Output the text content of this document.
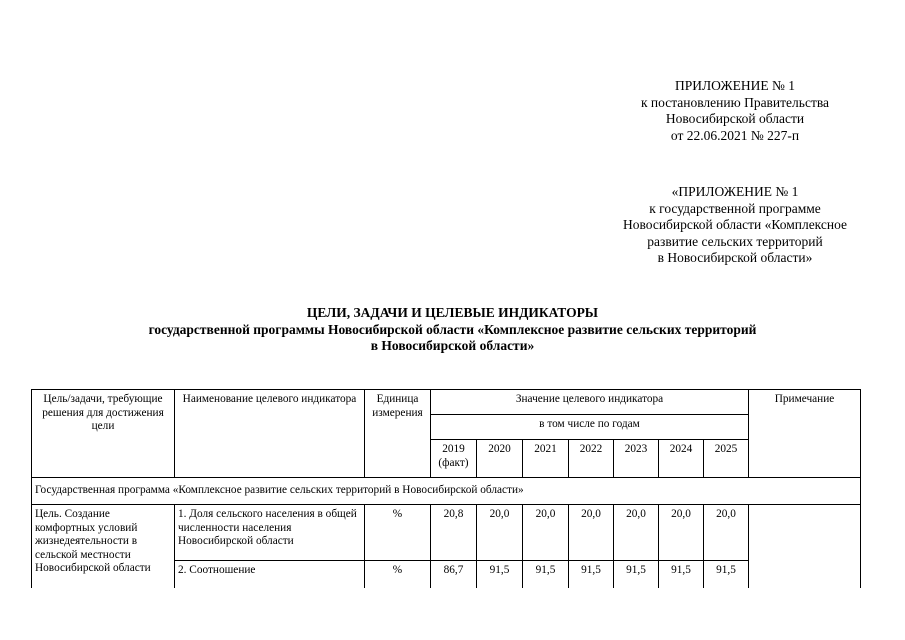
ПРИЛОЖЕНИЕ № 1
к постановлению Правительства
Новосибирской области
от 22.06.2021 № 227-п
«ПРИЛОЖЕНИЕ № 1
к государственной программе
Новосибирской области «Комплексное
развитие сельских территорий
в Новосибирской области»
ЦЕЛИ, ЗАДАЧИ И ЦЕЛЕВЫЕ ИНДИКАТОРЫ
государственной программы Новосибирской области «Комплексное развитие сельских территорий
в Новосибирской области»
Цель/задачи, требующие решения для достижения цели	Наименование целевого индикатора	Единица измерения	Значение целевого индикатора							Примечание
			в том числе по годам							
			2019 (факт)	2020	2021	2022	2023	2024	2025	
Государственная программа «Комплексное развитие сельских территорий в Новосибирской области»										
Цель. Создание комфортных условий жизнедеятельности в сельской местности Новосибирской области	1. Доля сельского населения в общей численности населения Новосибирской области	%	20,8	20,0	20,0	20,0	20,0	20,0	20,0	
	2. Соотношение	%	86,7	91,5	91,5	91,5	91,5	91,5	91,5	
